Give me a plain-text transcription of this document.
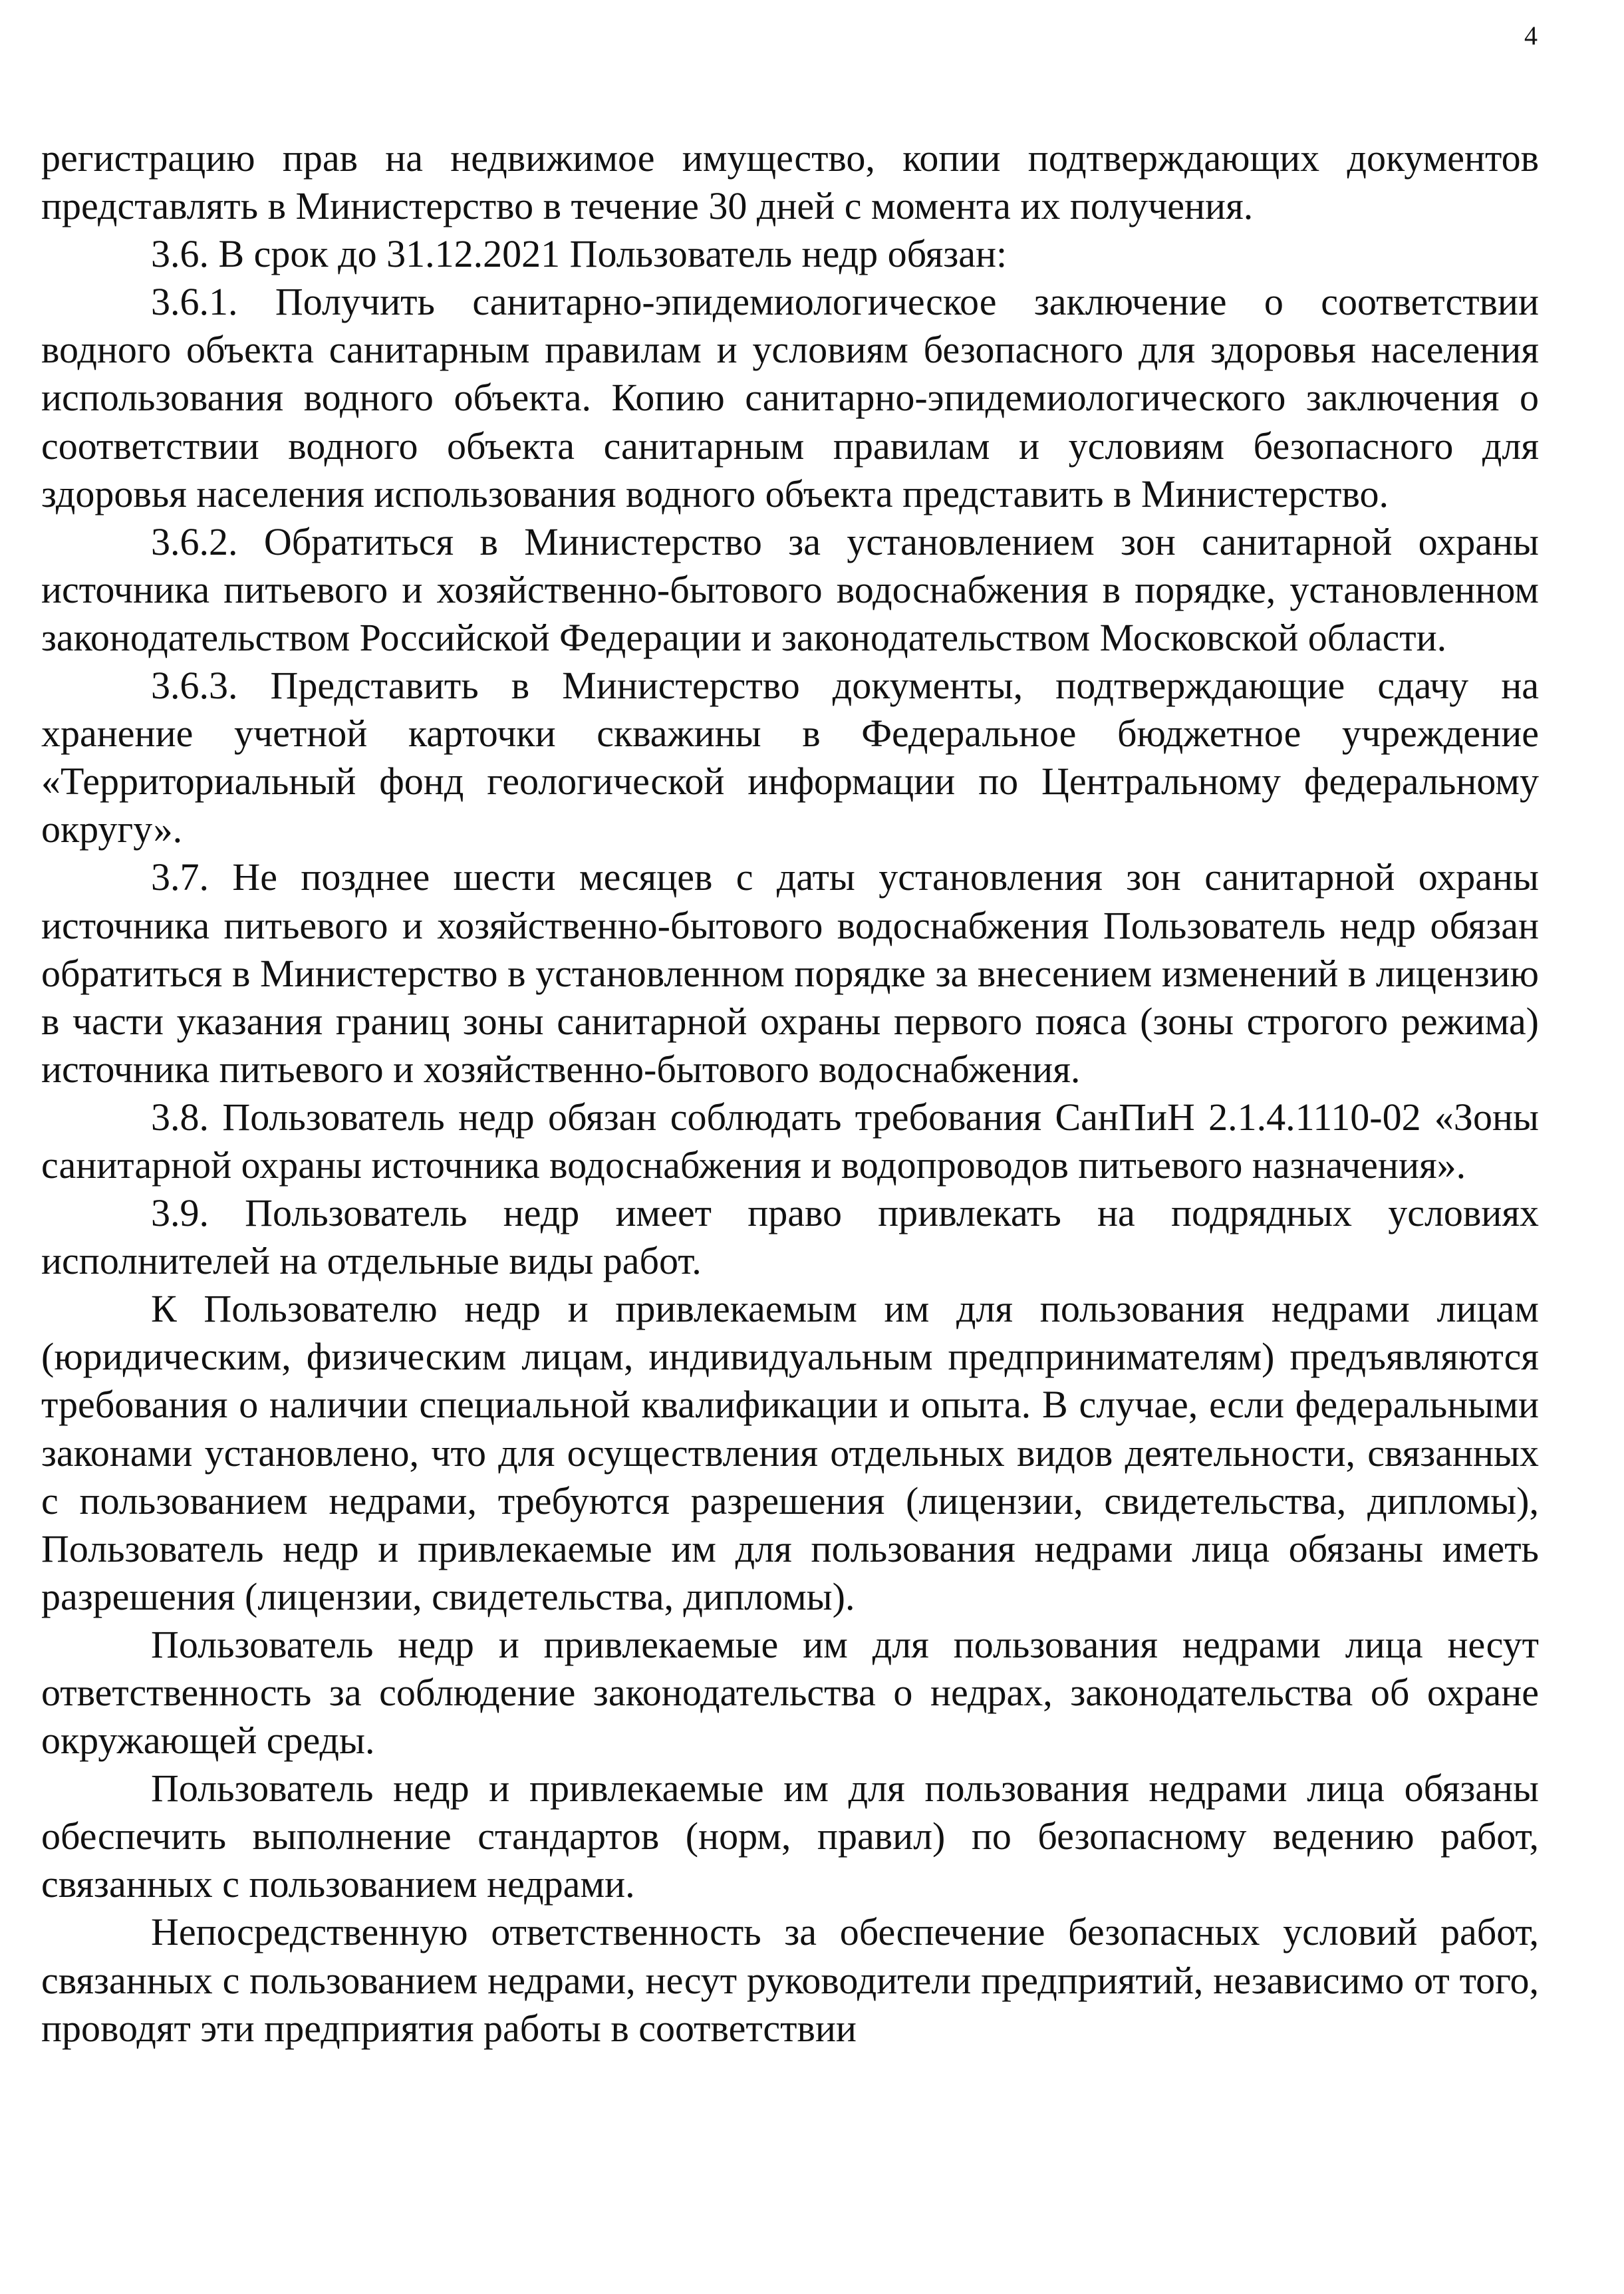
4

регистрацию прав на недвижимое имущество, копии подтверждающих документов представлять в Министерство в течение 30 дней с момента их получения.

3.6. В срок до 31.12.2021 Пользователь недр обязан:

3.6.1. Получить санитарно-эпидемиологическое заключение о соответствии водного объекта санитарным правилам и условиям безопасного для здоровья населения использования водного объекта. Копию санитарно-эпидемиологического заключения о соответствии водного объекта санитарным правилам и условиям безопасного для здоровья населения использования водного объекта представить в Министерство.

3.6.2. Обратиться в Министерство за установлением зон санитарной охраны источника питьевого и хозяйственно-бытового водоснабжения в порядке, установленном законодательством Российской Федерации и законодательством Московской области.

3.6.3. Представить в Министерство документы, подтверждающие сдачу на хранение учетной карточки скважины в Федеральное бюджетное учреждение «Территориальный фонд геологической информации по Центральному федеральному округу».

3.7. Не позднее шести месяцев с даты установления зон санитарной охраны источника питьевого и хозяйственно-бытового водоснабжения Пользователь недр обязан обратиться в Министерство в установленном порядке за внесением изменений в лицензию в части указания границ зоны санитарной охраны первого пояса (зоны строгого режима) источника питьевого и хозяйственно-бытового водоснабжения.

3.8. Пользователь недр обязан соблюдать требования СанПиН 2.1.4.1110-02 «Зоны санитарной охраны источника водоснабжения и водопроводов питьевого назначения».

3.9. Пользователь недр имеет право привлекать на подрядных условиях исполнителей на отдельные виды работ.

К Пользователю недр и привлекаемым им для пользования недрами лицам (юридическим, физическим лицам, индивидуальным предпринимателям) предъявляются требования о наличии специальной квалификации и опыта. В случае, если федеральными законами установлено, что для осуществления отдельных видов деятельности, связанных с пользованием недрами, требуются разрешения (лицензии, свидетельства, дипломы), Пользователь недр и привлекаемые им для пользования недрами лица обязаны иметь разрешения (лицензии, свидетельства, дипломы).

Пользователь недр и привлекаемые им для пользования недрами лица несут ответственность за соблюдение законодательства о недрах, законодательства об охране окружающей среды.

Пользователь недр и привлекаемые им для пользования недрами лица обязаны обеспечить выполнение стандартов (норм, правил) по безопасному ведению работ, связанных с пользованием недрами.

Непосредственную ответственность за обеспечение безопасных условий работ, связанных с пользованием недрами, несут руководители предприятий, независимо от того, проводят эти предприятия работы в соответствии
